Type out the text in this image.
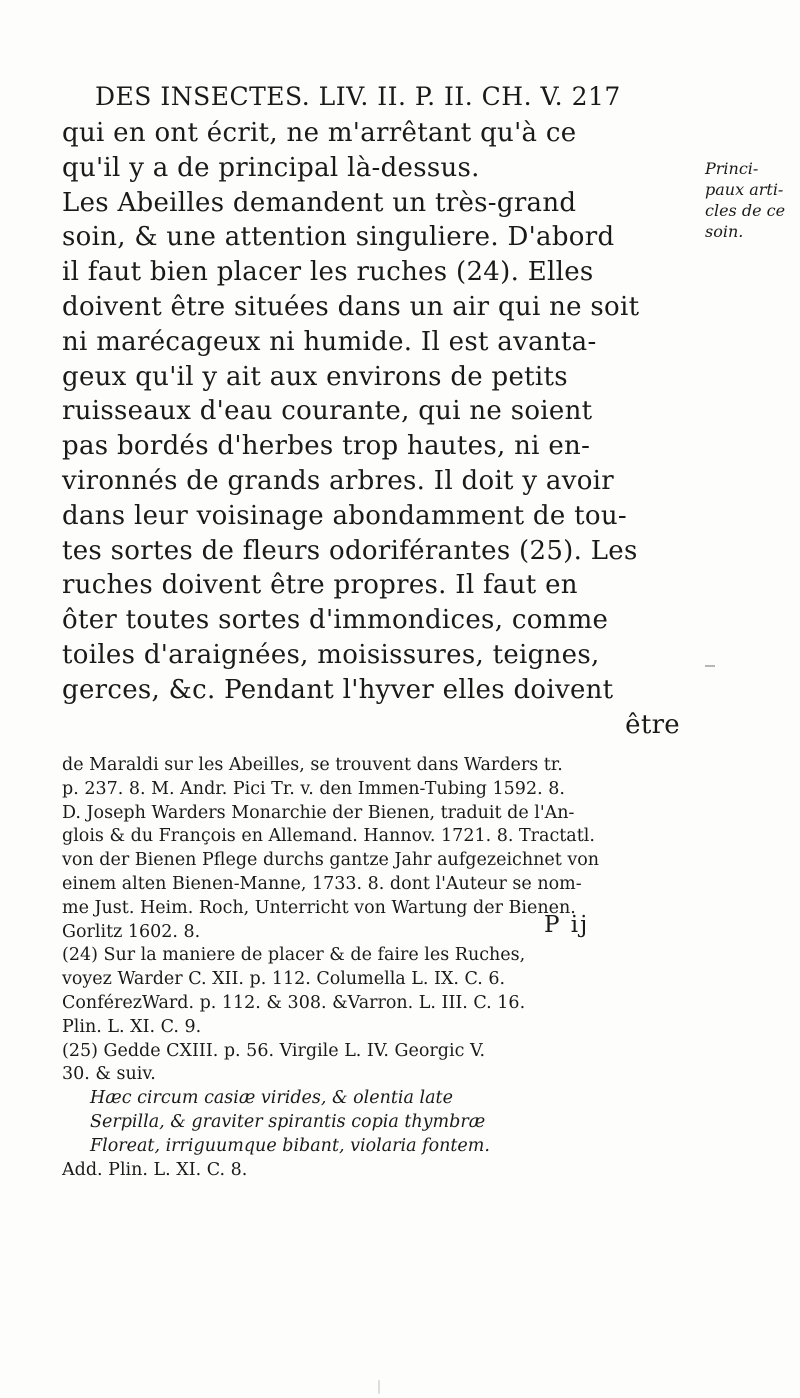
DES INSECTES. LIV. II. P. II. CH. V. 217
qui en ont écrit, ne m'arrêtant qu'à ce
qu'il y a de principal là-dessus.
Les Abeilles demandent un très-grand
soin, & une attention singuliere. D'abord
il faut bien placer les ruches (24). Elles
doivent être situées dans un air qui ne soit
ni marécageux ni humide. Il est avanta-
geux qu'il y ait aux environs de petits
ruisseaux d'eau courante, qui ne soient
pas bordés d'herbes trop hautes, ni en-
vironnés de grands arbres. Il doit y avoir
dans leur voisinage abondamment de tou-
tes sortes de fleurs odoriférantes (25). Les
ruches doivent être propres. Il faut en
ôter toutes sortes d'immondices, comme
toiles d'araignées, moisissures, teignes,
gerces, &c. Pendant l'hyver elles doivent
être
Princi-
paux arti-
cles de ce
soin.
de Maraldi sur les Abeilles, se trouvent dans Warders tr.
p. 237. 8. M. Andr. Pici Tr. v. den Immen-Tubing 1592. 8.
D. Joseph Warders Monarchie der Bienen, traduit de l'An-
glois & du François en Allemand. Hannov. 1721. 8. Tractatl.
von der Bienen Pflege durchs gantze Jahr aufgezeichnet von
einem alten Bienen-Manne, 1733. 8. dont l'Auteur se nom-
me Just. Heim. Roch, Unterricht von Wartung der Bienen.
Gorlitz 1602. 8.
(24) Sur la maniere de placer & de faire les Ruches,
voyez Warder C. XII. p. 112. Columella L. IX. C. 6.
ConférezWard. p. 112. & 308. &Varron. L. III. C. 16.
Plin. L. XI. C. 9.
(25) Gedde CXIII. p. 56. Virgile L. IV. Georgic V.
30. & suiv.
Hæc circum casiæ virides, & olentia late
Serpilla, & graviter spirantis copia thymbræ
Floreat, irriguumque bibant, violaria fontem.
Add. Plin. L. XI. C. 8.
P ij
